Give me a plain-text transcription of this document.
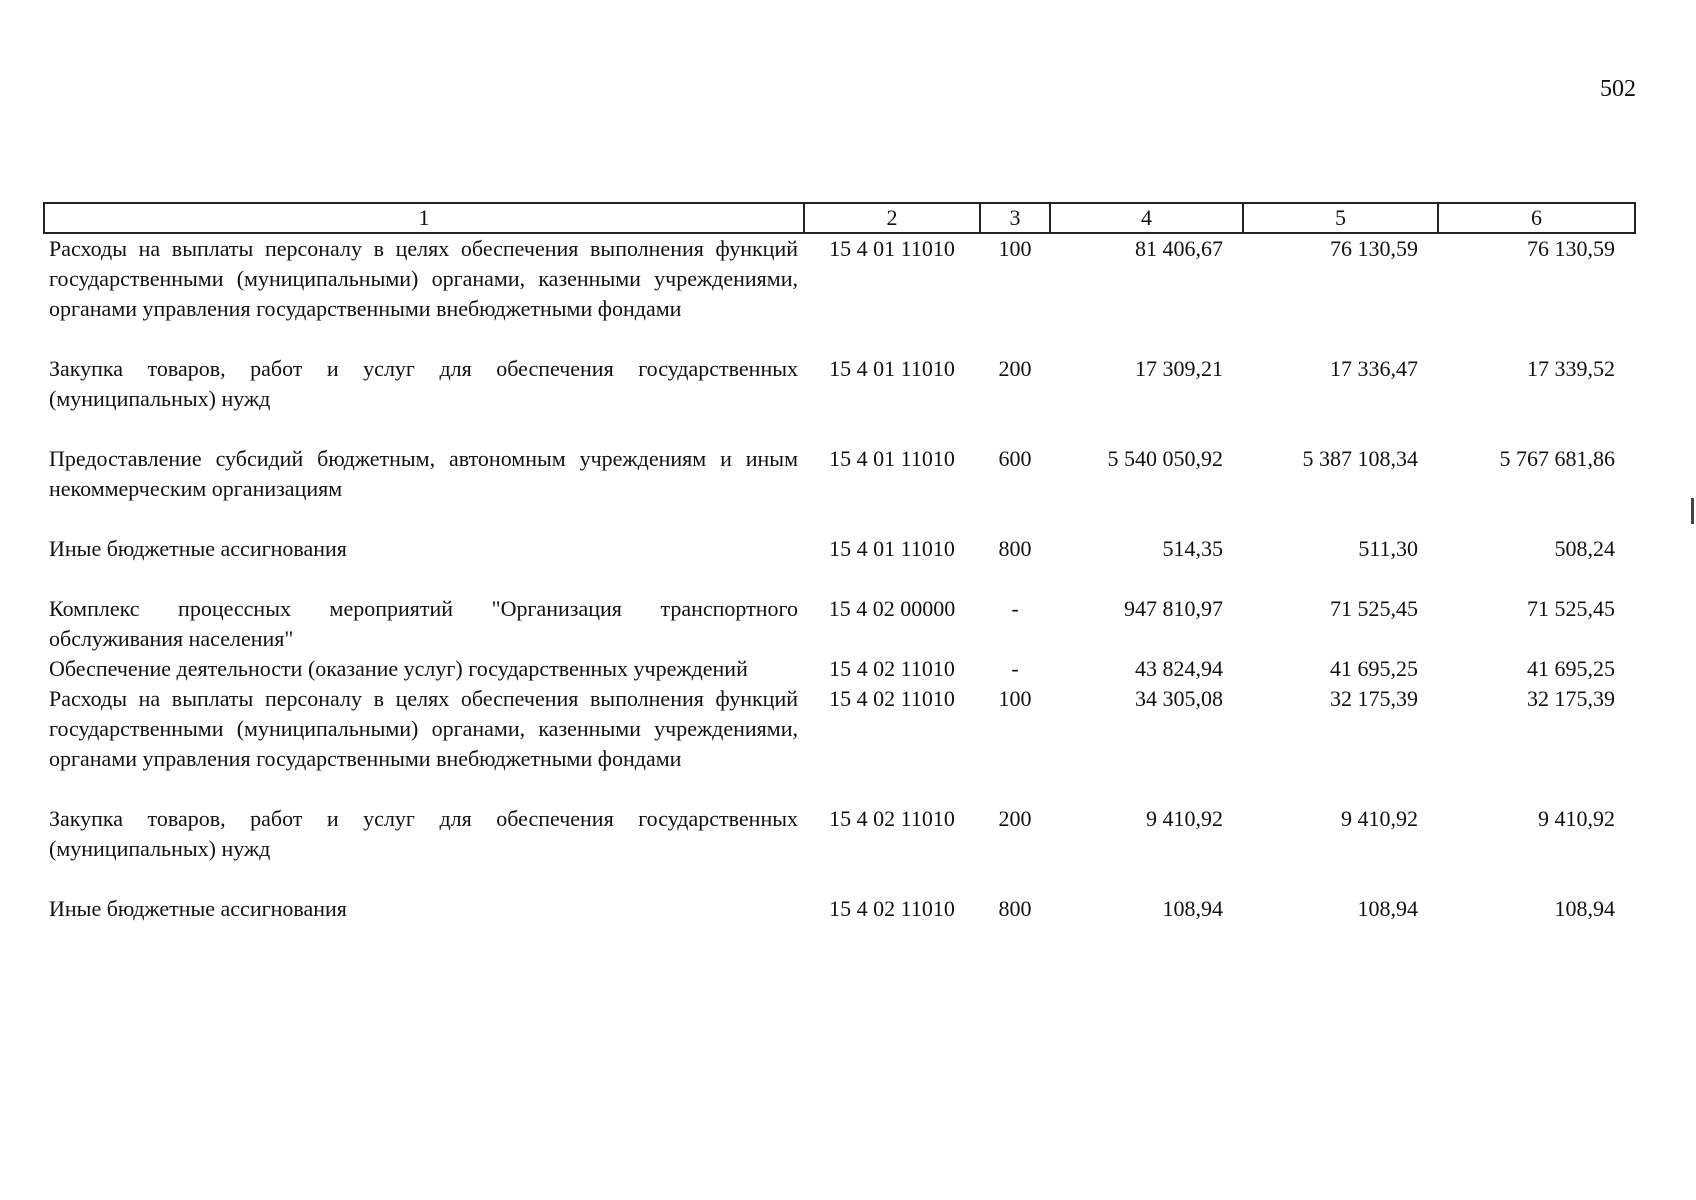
502
1	2	3	4	5	6
Расходы на выплаты персоналу в целях обеспечения выполнения функций государственными (муниципальными) органами, казенными учреждениями, органами управления государственными внебюджетными фондами	15 4 01 11010	100	81 406,67	76 130,59	76 130,59
Закупка товаров, работ и услуг для обеспечения государственных (муниципальных) нужд	15 4 01 11010	200	17 309,21	17 336,47	17 339,52
Предоставление субсидий бюджетным, автономным учреждениям и иным некоммерческим организациям	15 4 01 11010	600	5 540 050,92	5 387 108,34	5 767 681,86
Иные бюджетные ассигнования	15 4 01 11010	800	514,35	511,30	508,24
Комплекс процессных мероприятий "Организация транспортного обслуживания населения"	15 4 02 00000	-	947 810,97	71 525,45	71 525,45
Обеспечение деятельности (оказание услуг) государственных учреждений	15 4 02 11010	-	43 824,94	41 695,25	41 695,25
Расходы на выплаты персоналу в целях обеспечения выполнения функций государственными (муниципальными) органами, казенными учреждениями, органами управления государственными внебюджетными фондами	15 4 02 11010	100	34 305,08	32 175,39	32 175,39
Закупка товаров, работ и услуг для обеспечения государственных (муниципальных) нужд	15 4 02 11010	200	9 410,92	9 410,92	9 410,92
Иные бюджетные ассигнования	15 4 02 11010	800	108,94	108,94	108,94
